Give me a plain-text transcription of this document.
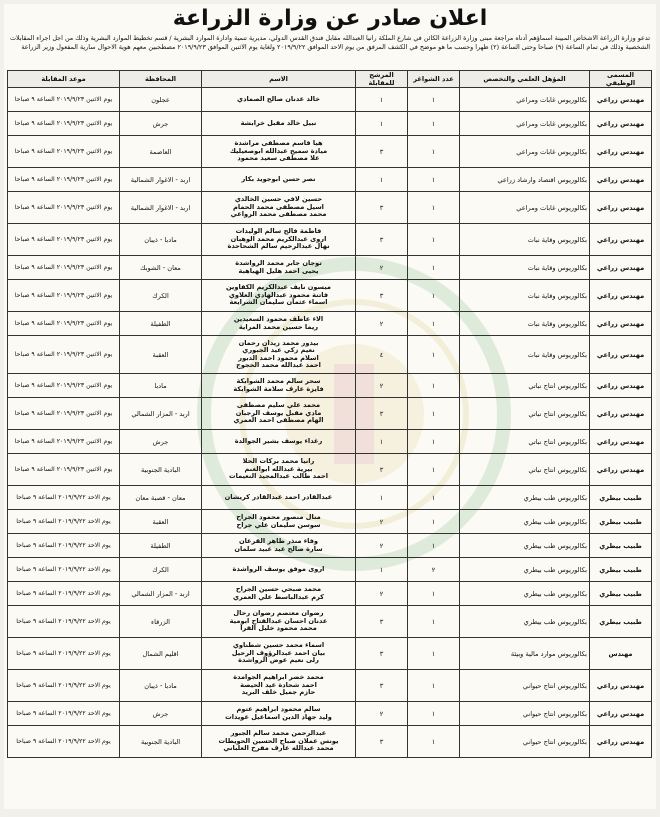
اعلان صادر عن وزارة الزراعة
تدعو وزارة الزراعة الاشخاص المبينة اسماؤهم أدناه مراجعة مبنى وزارة الزراعة الكائن في شارع الملكة رانيا العبدالله مقابل فندق القدس الدولي، مديرية تنمية وادارة الموارد البشرية / قسم تخطيط الموارد البشرية وذلك من اجل اجراء المقابلات الشخصية وذلك في تمام الساعة (٩) صباحا وحتى الساعة (٢) ظهرا وحسب ما هو موضح في الكشف المرفق من يوم الاحد الموافق ٢٠١٩/٩/٢٢ ولغاية يوم الاثنين الموافق ٢٠١٩/٩/٢٣ مصطحبين معهم هوية الاحوال سارية المفعول وزير الزراعة
المسمى الوظيفي	المؤهل العلمي والتخصص	عدد الشواغر	المرشح للمقابلة	الاسم	المحافظة	موعد المقابلة
مهندس زراعي	بكالوريوس غابات ومراعي	١	١	خالد عدنان صالح الصمادي	عجلون	يوم الاثنين ٢٠١٩/٩/٢٣ الساعة ٩ صباحا
مهندس زراعي	بكالوريوس غابات ومراعي	١	١	نبيل خالد مقبل خرابشة	جرش	يوم الاثنين ٢٠١٩/٩/٢٣ الساعة ٩ صباحا
مهندس زراعي	بكالوريوس غابات ومراعي	١	٣	هيا قاسم مصطفى مراشدة
ميادة سميح عبدالله ابوصعيليك
علا مصطفى سعيد محمود	العاصمة	يوم الاثنين ٢٠١٩/٩/٢٣ الساعة ٩ صباحا
مهندس زراعي	بكالوريوس اقتصاد وارشاد زراعي	١	١	نصر حسن ابوجويد بكار	اربد - الاغوار الشمالية	يوم الاثنين ٢٠١٩/٩/٢٣ الساعة ٩ صباحا
مهندس زراعي	بكالوريوس غابات ومراعي	١	٣	حسين لافي حسين الخالدي
اسيل مصطفى محمد الحمام
محمد مصطفى محمد الرواعي	اربد - الاغوار الشمالية	يوم الاثنين ٢٠١٩/٩/٢٣ الساعة ٩ صباحا
مهندس زراعي	بكالوريوس وقاية نبات	١	٣	فاطمة فالح سالم الوليدات
اروى عبدالكريم محمد الوهبان
نهال عبدالرحيم سالم الشحاحدة	مادبا - ذيبان	يوم الاثنين ٢٠١٩/٩/٢٣ الساعة ٩ صباحا
مهندس زراعي	بكالوريوس وقاية نبات	١	٢	توجان جابر محمد الرواشدة
يحيى احمد هليل الهباهبة	معان - الشوبك	يوم الاثنين ٢٠١٩/٩/٢٣ الساعة ٩ صباحا
مهندس زراعي	بكالوريوس وقاية نبات	١	٣	ميسون نايف عبدالكريم الكفاوين
فاتنة محمود عبدالهادي العلاوي
اسماء عثمان سليمان الشرايعة	الكرك	يوم الاثنين ٢٠١٩/٩/٢٣ الساعة ٩ صباحا
مهندس زراعي	بكالوريوس وقاية نبات	١	٢	الاء عاطف محمود السعيدين
ريما حسين محمد المراية	الطفيلة	يوم الاثنين ٢٠١٩/٩/٢٣ الساعة ٩ صباحا
مهندس زراعي	بكالوريوس وقاية نبات	١	٤	بيدور محمد زيدان رحمان
نعيم زكي عيد الجبوري
اسلام محمود احمد الدبور
احمد عبدالله محمد الحجوج	العقبة	يوم الاثنين ٢٠١٩/٩/٢٣ الساعة ٩ صباحا
مهندس زراعي	بكالوريوس انتاج نباتي	١	٢	سحر سالم محمد الشوابكة
فايزة عارف سلامة الشوابكة	مادبا	يوم الاثنين ٢٠١٩/٩/٢٣ الساعة ٩ صباحا
مهندس زراعي	بكالوريوس انتاج نباتي	١	٣	محمد علي سليم مصطفى
مادي مقبل يوسف الرجبان
الهام مصطفى احمد العمري	اربد - المزار الشمالي	يوم الاثنين ٢٠١٩/٩/٢٣ الساعة ٩ صباحا
مهندس زراعي	بكالوريوس انتاج نباتي	١	١	رغداء يوسف بشير الجوالدة	جرش	يوم الاثنين ٢٠١٩/٩/٢٣ الساعة ٩ صباحا
مهندس زراعي	بكالوريوس انتاج نباتي	١	٣	رانيا محمد بركات الحلا
بيرية عبدالله ابوالغنم
احمد طالب عبدالمجيد النعيمات	البادية الجنوبية	يوم الاثنين ٢٠١٩/٩/٢٣ الساعة ٩ صباحا
طبيب بيطري	بكالوريوس طب بيطري	١	١	عبدالقادر احمد عبدالقادر كريشان	معان - قصبة معان	يوم الاحد ٢٠١٩/٩/٢٢ الساعة ٩ صباحا
طبيب بيطري	بكالوريوس طب بيطري	١	٢	منال منصور محمود الجراح
سوسن سليمان علي جراح	العقبة	يوم الاحد ٢٠١٩/٩/٢٢ الساعة ٩ صباحا
طبيب بيطري	بكالوريوس طب بيطري	١	٢	وفاء منذر طاهر القرعان
سارة صالح عبد عبيد سلمان	الطفيلة	يوم الاحد ٢٠١٩/٩/٢٢ الساعة ٩ صباحا
طبيب بيطري	بكالوريوس طب بيطري	٢	١	اروى موفق يوسف الرواشدة	الكرك	يوم الاحد ٢٠١٩/٩/٢٢ الساعة ٩ صباحا
طبيب بيطري	بكالوريوس طب بيطري	١	٢	محمد صبحي حسين الجراح
كرم عبدالباسط علي العمري	اربد - المزار الشمالي	يوم الاحد ٢٠١٩/٩/٢٢ الساعة ٩ صباحا
طبيب بيطري	بكالوريوس طب بيطري	١	٣	رضوان معتصم رضوان رحال
عدنان احسان عبدالفتاح ابومية
محمد محمود خليل الفرا	الزرقاء	يوم الاحد ٢٠١٩/٩/٢٢ الساعة ٩ صباحا
مهندس	بكالوريوس موارد مالية وبيئة	١	٣	اسماء محمد حسين شطناوي
بيان احمد عبدالرؤوف الرحيل
رلى نعيم عوض الرواشدة	اقليم الشمال	يوم الاحد ٢٠١٩/٩/٢٢ الساعة ٩ صباحا
مهندس زراعي	بكالوريوس انتاج حيواني	١	٣	محمد خضر ابراهيم الجوامدة
احمد شحادة عيد الحيصة
حازم جميل خلف البريد	مادبا - ذيبان	يوم الاحد ٢٠١٩/٩/٢٢ الساعة ٩ صباحا
مهندس زراعي	بكالوريوس انتاج حيواني	١	٢	سالم محمود ابراهيم عتوم
وليد جهاد الدين اسماعيل عويدات	جرش	يوم الاحد ٢٠١٩/٩/٢٢ الساعة ٩ صباحا
مهندس زراعي	بكالوريوس انتاج حيواني	١	٣	عبدالرحمن محمد سالم الجبور
يونس عملان صباح الحسين الحويطات
محمد عبدالله عارف مفرح العلباني	البادية الجنوبية	يوم الاحد ٢٠١٩/٩/٢٢ الساعة ٩ صباحا
